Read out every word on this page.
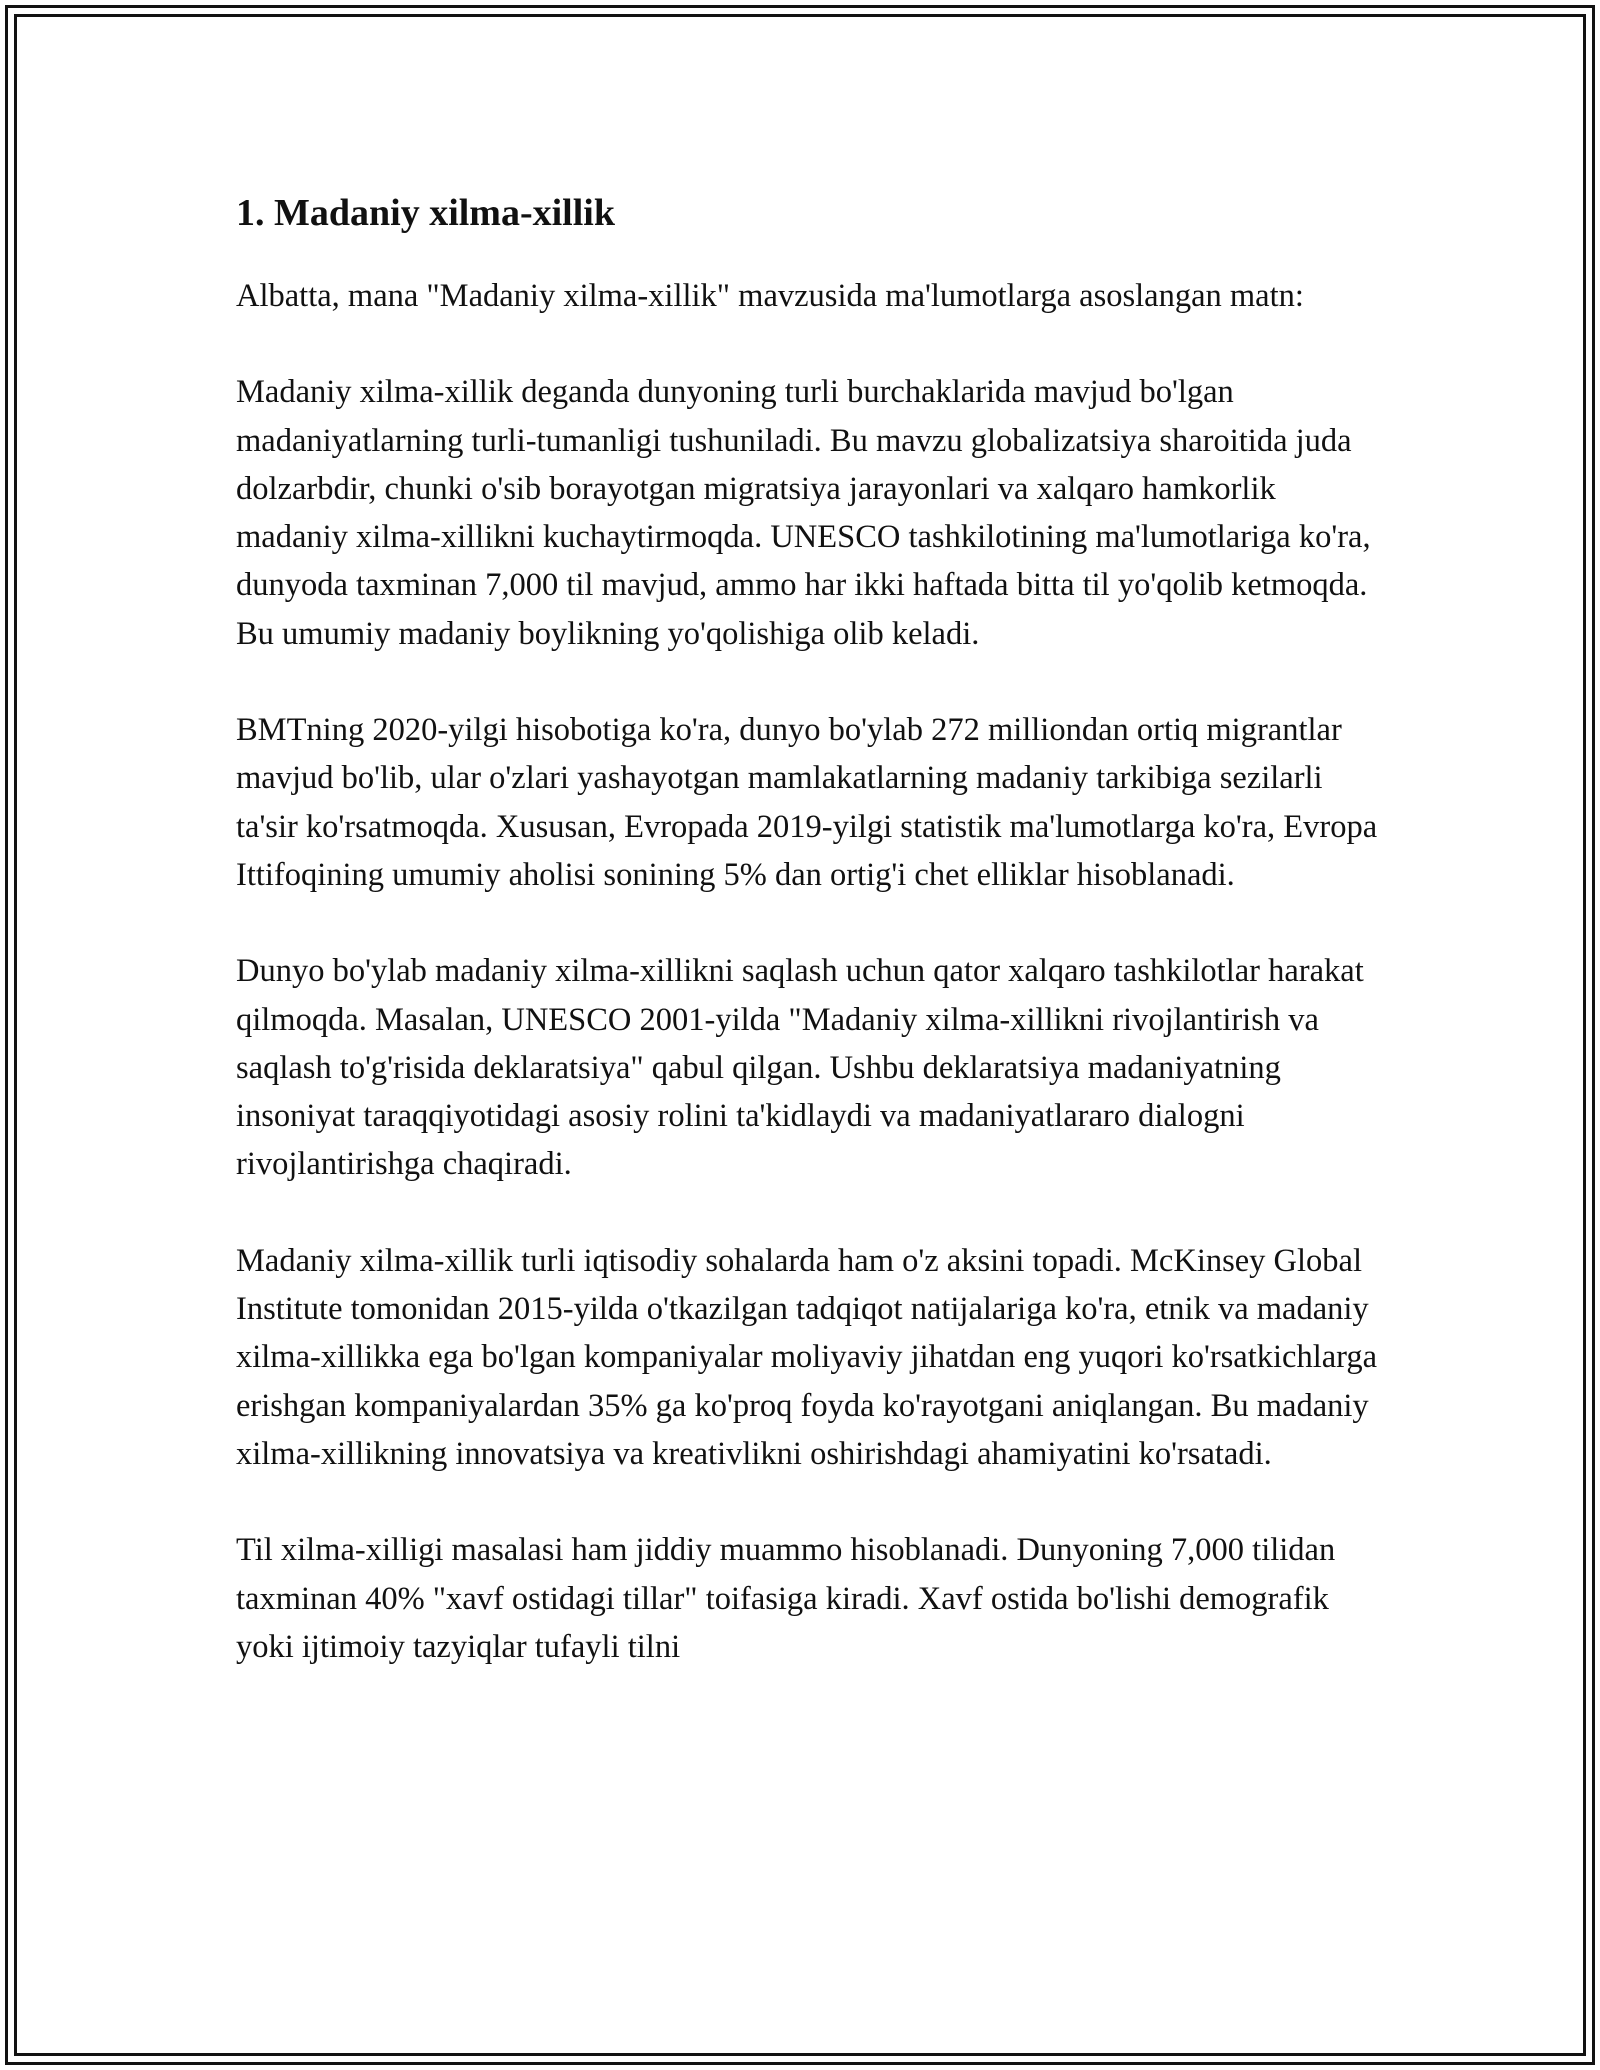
1. Madaniy xilma-xillik

Albatta, mana "Madaniy xilma-xillik" mavzusida ma'lumotlarga asoslangan matn:

Madaniy xilma-xillik deganda dunyoning turli burchaklarida mavjud bo'lgan madaniyatlarning turli-tumanligi tushuniladi. Bu mavzu globalizatsiya sharoitida juda dolzarbdir, chunki o'sib borayotgan migratsiya jarayonlari va xalqaro hamkorlik madaniy xilma-xillikni kuchaytirmoqda. UNESCO tashkilotining ma'lumotlariga ko'ra, dunyoda taxminan 7,000 til mavjud, ammo har ikki haftada bitta til yo'qolib ketmoqda. Bu umumiy madaniy boylikning yo'qolishiga olib keladi.

BMTning 2020-yilgi hisobotiga ko'ra, dunyo bo'ylab 272 milliondan ortiq migrantlar mavjud bo'lib, ular o'zlari yashayotgan mamlakatlarning madaniy tarkibiga sezilarli ta'sir ko'rsatmoqda. Xususan, Evropada 2019-yilgi statistik ma'lumotlarga ko'ra, Evropa Ittifoqining umumiy aholisi sonining 5% dan ortig'i chet elliklar hisoblanadi.

Dunyo bo'ylab madaniy xilma-xillikni saqlash uchun qator xalqaro tashkilotlar harakat qilmoqda. Masalan, UNESCO 2001-yilda "Madaniy xilma-xillikni rivojlantirish va saqlash to'g'risida deklaratsiya" qabul qilgan. Ushbu deklaratsiya madaniyatning insoniyat taraqqiyotidagi asosiy rolini ta'kidlaydi va madaniyatlararo dialogni rivojlantirishga chaqiradi.

Madaniy xilma-xillik turli iqtisodiy sohalarda ham o'z aksini topadi. McKinsey Global Institute tomonidan 2015-yilda o'tkazilgan tadqiqot natijalariga ko'ra, etnik va madaniy xilma-xillikka ega bo'lgan kompaniyalar moliyaviy jihatdan eng yuqori ko'rsatkichlarga erishgan kompaniyalardan 35% ga ko'proq foyda ko'rayotgani aniqlangan. Bu madaniy xilma-xillikning innovatsiya va kreativlikni oshirishdagi ahamiyatini ko'rsatadi.

Til xilma-xilligi masalasi ham jiddiy muammo hisoblanadi. Dunyoning 7,000 tilidan taxminan 40% "xavf ostidagi tillar" toifasiga kiradi. Xavf ostida bo'lishi demografik yoki ijtimoiy tazyiqlar tufayli tilni
